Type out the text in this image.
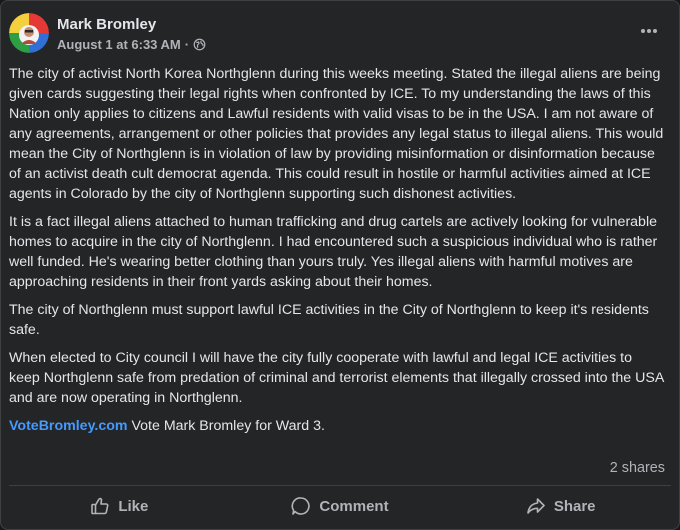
Mark Bromley
August 1 at 6:33 AM ·

The city of activist North Korea Northglenn during this weeks meeting. Stated the illegal aliens are being given cards suggesting their legal rights when confronted by ICE. To my understanding the laws of this Nation only applies to citizens and Lawful residents with valid visas to be in the USA. I am not aware of any agreements, arrangement or other policies that provides any legal status to illegal aliens. This would mean the City of Northglenn is in violation of law by providing misinformation or disinformation because of an activist death cult democrat agenda. This could result in hostile or harmful activities aimed at ICE agents in Colorado by the city of Northglenn supporting such dishonest activities.

It is a fact illegal aliens attached to human trafficking and drug cartels are actively looking for vulnerable homes to acquire in the city of Northglenn. I had encountered such a suspicious individual who is rather well funded. He's wearing better clothing than yours truly. Yes illegal aliens with harmful motives are approaching residents in their front yards asking about their homes.

The city of Northglenn must support lawful ICE activities in the City of Northglenn to keep it's residents safe.

When elected to City council I will have the city fully cooperate with lawful and legal ICE activities to keep Northglenn safe from predation of criminal and terrorist elements that illegally crossed into the USA and are now operating in Northglenn.

VoteBromley.com Vote Mark Bromley for Ward 3.

2 shares
Like	Comment	Share
